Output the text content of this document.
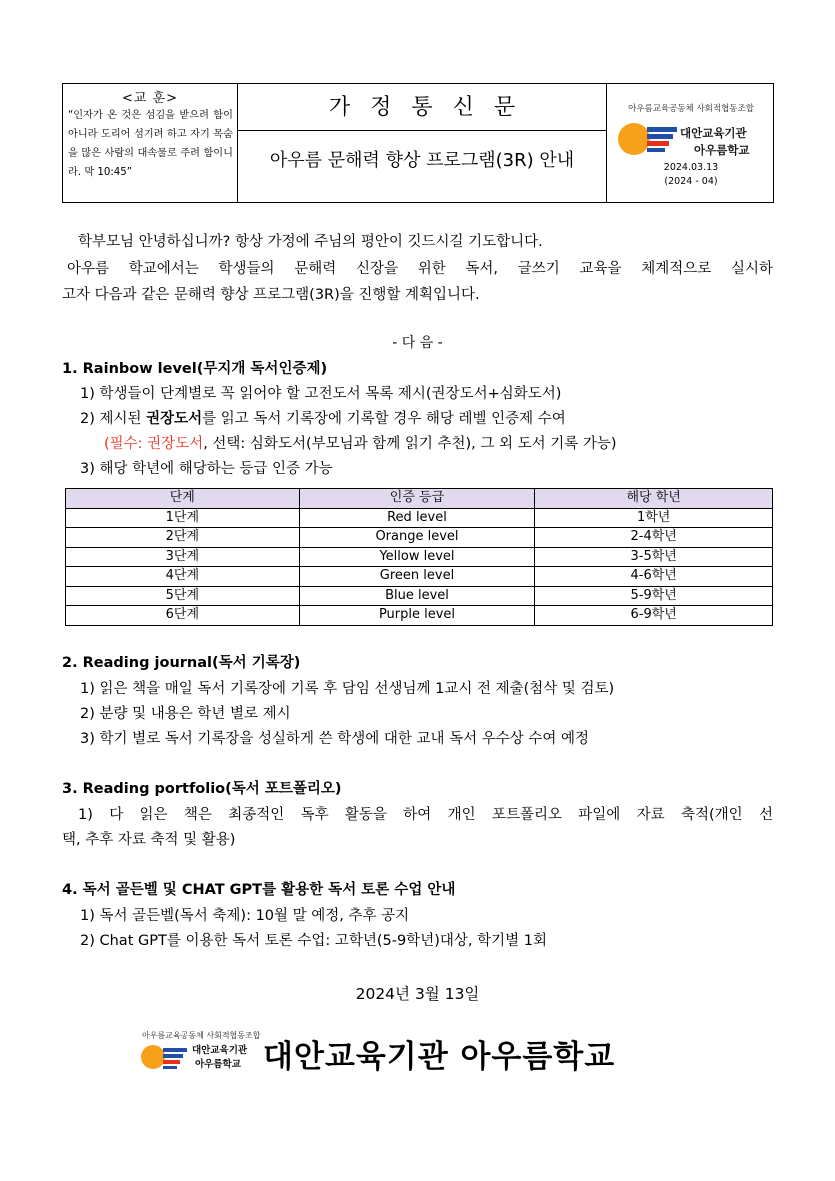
<교 훈>
“인자가 온 것은 섬김을 받으려 함이 아니라 도리어 섬기려 하고 자기 목숨을 많은 사람의 대속물로 주려 함이니라. 막 10:45”
가정통신문
아우름 문해력 향상 프로그램(3R) 안내
아우름교육공동체 사회적협동조합
대안교육기관
아우름학교
2024.03.13
(2024 - 04)
학부모님 안녕하십니까? 항상 가정에 주님의 평안이 깃드시길 기도합니다.
아우름 학교에서는 학생들의 문해력 신장을 위한 독서, 글쓰기 교육을 체계적으로 실시하
고자 다음과 같은 문해력 향상 프로그램(3R)을 진행할 계획입니다.
- 다 음 -
1. Rainbow level(무지개 독서인증제)
1) 학생들이 단계별로 꼭 읽어야 할 고전도서 목록 제시(권장도서+심화도서)
2) 제시된 권장도서를 읽고 독서 기록장에 기록할 경우 해당 레벨 인증제 수여
(필수: 권장도서, 선택: 심화도서(부모님과 함께 읽기 추천), 그 외 도서 기록 가능)
3) 해당 학년에 해당하는 등급 인증 가능
단계	인증 등급	해당 학년
1단계	Red level	1학년
2단계	Orange level	2-4학년
3단계	Yellow level	3-5학년
4단계	Green level	4-6학년
5단계	Blue level	5-9학년
6단계	Purple level	6-9학년
2. Reading journal(독서 기록장)
1) 읽은 책을 매일 독서 기록장에 기록 후 담임 선생님께 1교시 전 제출(첨삭 및 검토)
2) 분량 및 내용은 학년 별로 제시
3) 학기 별로 독서 기록장을 성실하게 쓴 학생에 대한 교내 독서 우수상 수여 예정
3. Reading portfolio(독서 포트폴리오)
1) 다 읽은 책은 최종적인 독후 활동을 하여 개인 포트폴리오 파일에 자료 축적(개인 선
택, 추후 자료 축적 및 활용)
4. 독서 골든벨 및 CHAT GPT를 활용한 독서 토론 수업 안내
1) 독서 골든벨(독서 축제): 10월 말 예정, 추후 공지
2) Chat GPT를 이용한 독서 토론 수업: 고학년(5-9학년)대상, 학기별 1회
2024년 3월 13일
아우름교육공동체 사회적협동조합
대안교육기관
아우름학교 대안교육기관 아우름학교
